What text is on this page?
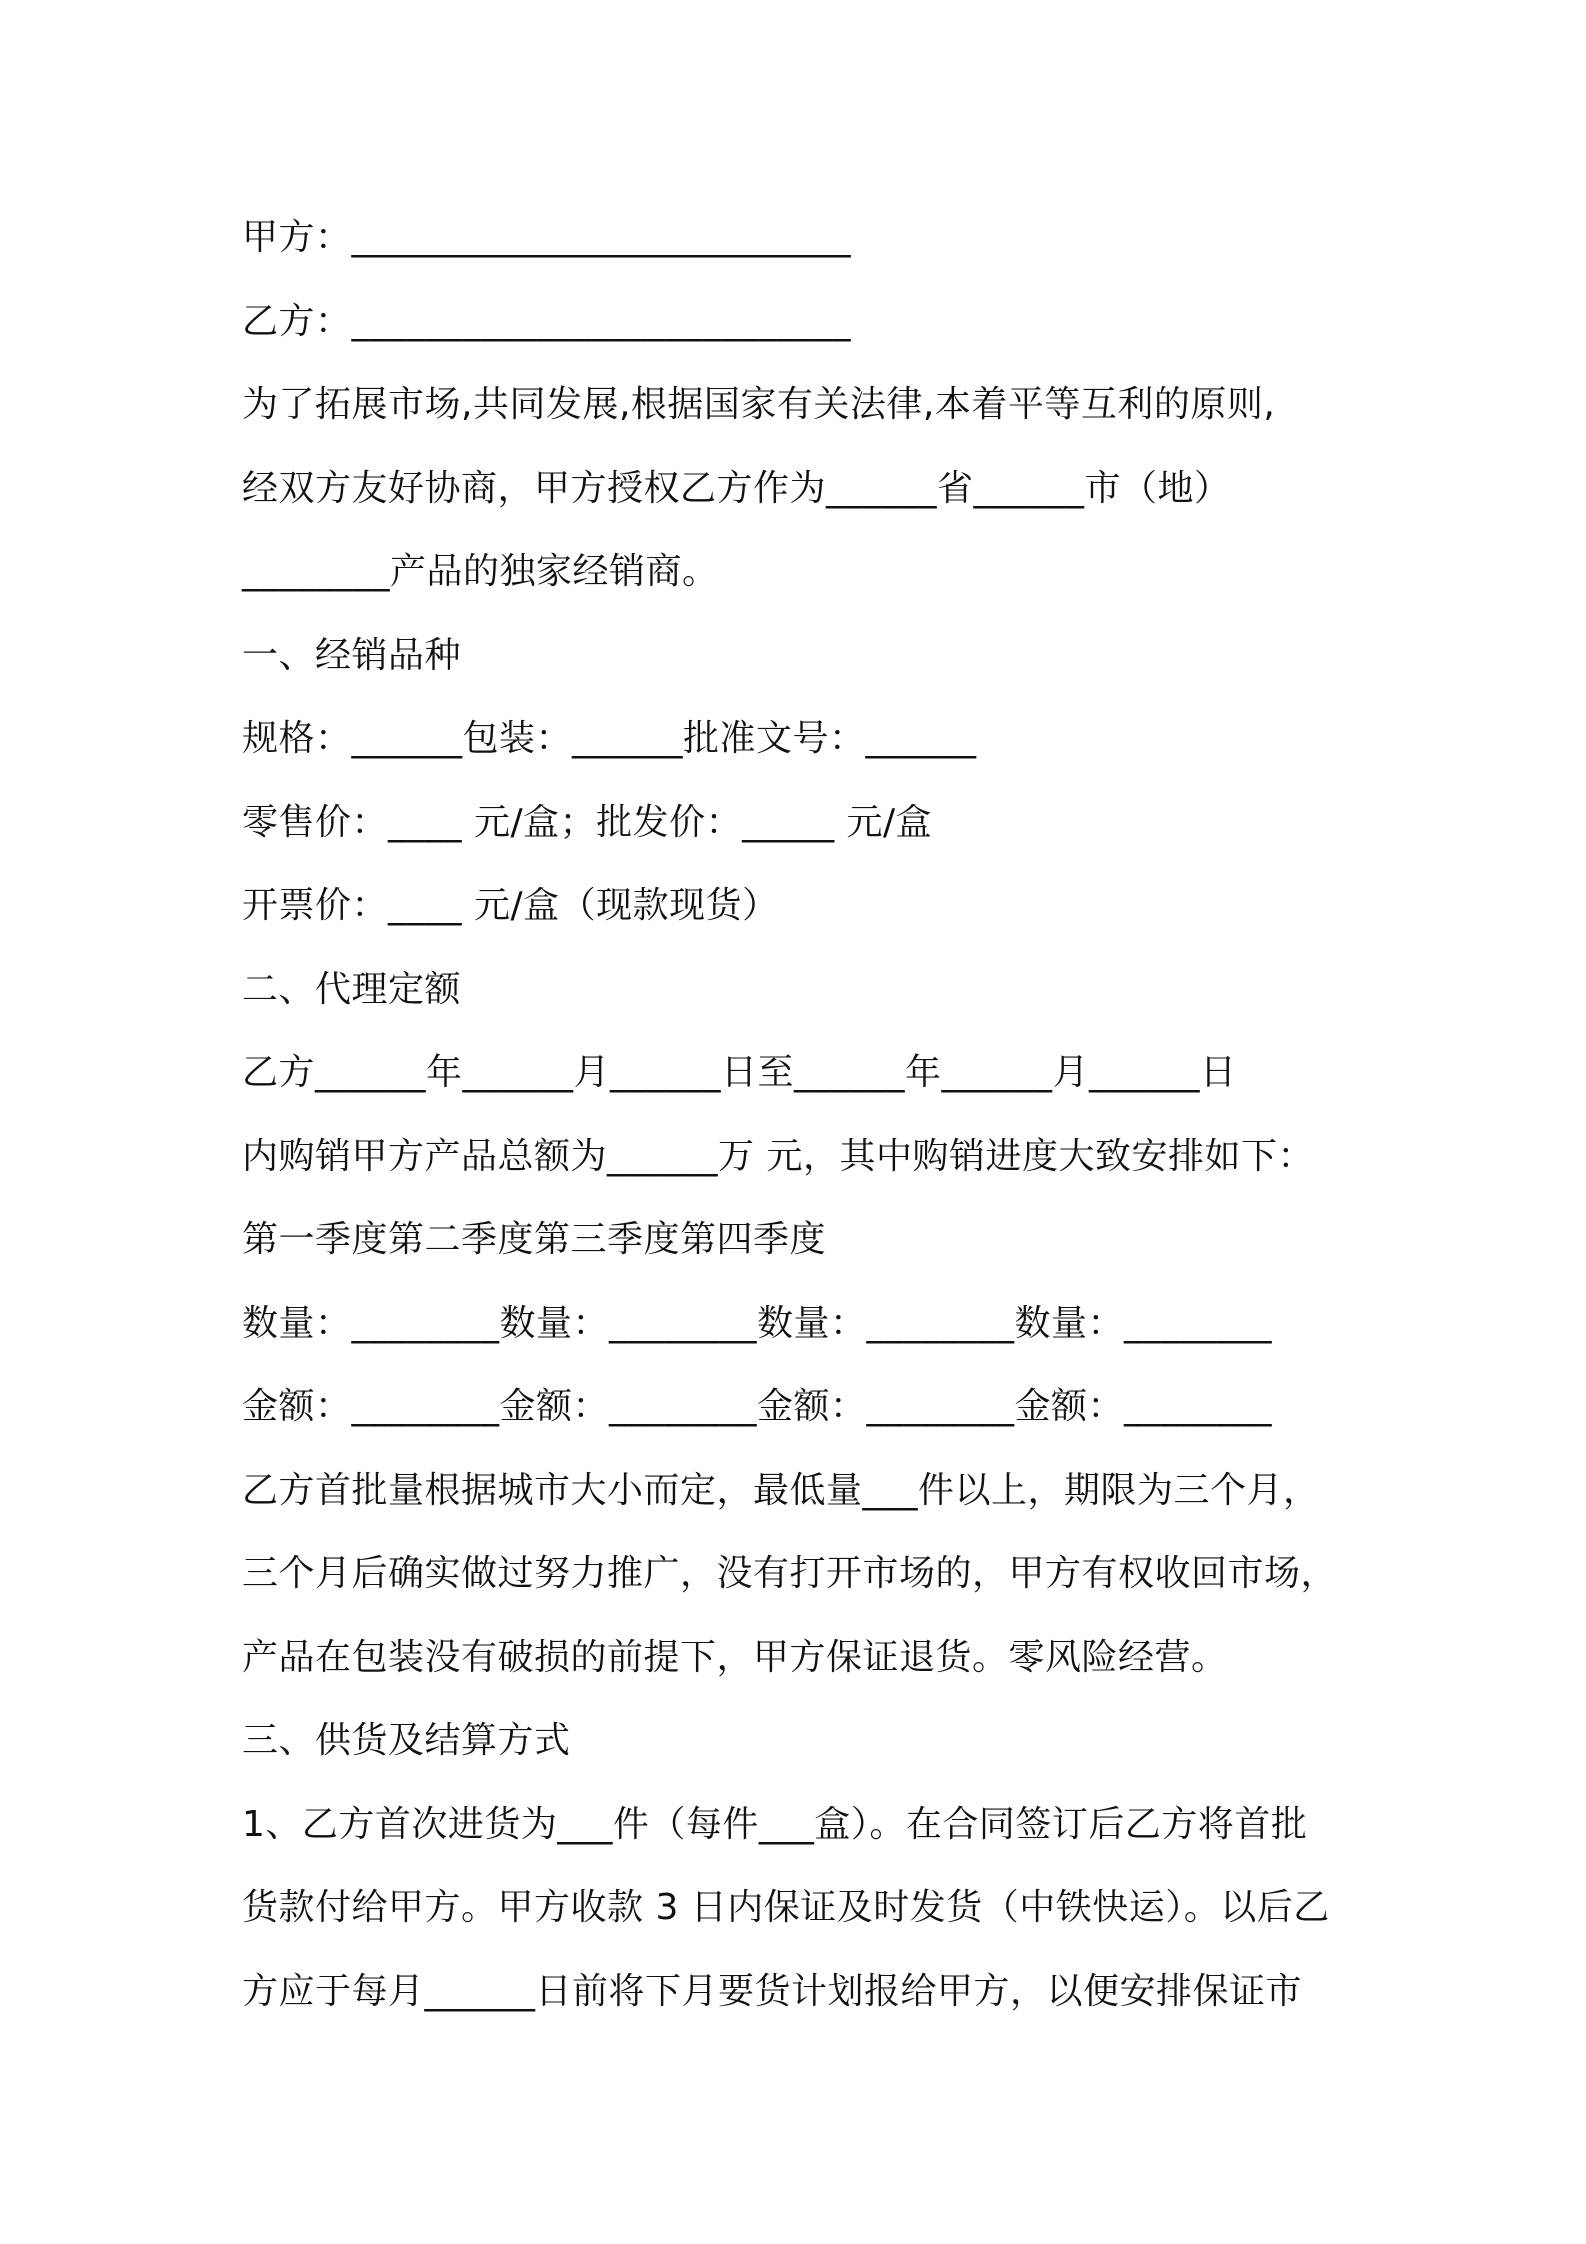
甲方：___________________________
乙方：___________________________
为了拓展市场,共同发展,根据国家有关法律,本着平等互利的原则,
经双方友好协商，甲方授权乙方作为______省______市（地）
________产品的独家经销商。
一、经销品种
规格：______包装：______批准文号：______
零售价：____ 元/盒；批发价：_____ 元/盒
开票价：____ 元/盒（现款现货）
二、代理定额
乙方______年______月______日至______年______月______日
内购销甲方产品总额为______万 元，其中购销进度大致安排如下：
第一季度第二季度第三季度第四季度
数量：________数量：________数量：________数量：________
金额：________金额：________金额：________金额：________
乙方首批量根据城市大小而定，最低量___件以上，期限为三个月，
三个月后确实做过努力推广，没有打开市场的，甲方有权收回市场，
产品在包装没有破损的前提下，甲方保证退货。零风险经营。
三、供货及结算方式
1、乙方首次进货为___件（每件___盒）。在合同签订后乙方将首批
货款付给甲方。甲方收款 3 日内保证及时发货（中铁快运）。以后乙
方应于每月______日前将下月要货计划报给甲方，以便安排保证市
